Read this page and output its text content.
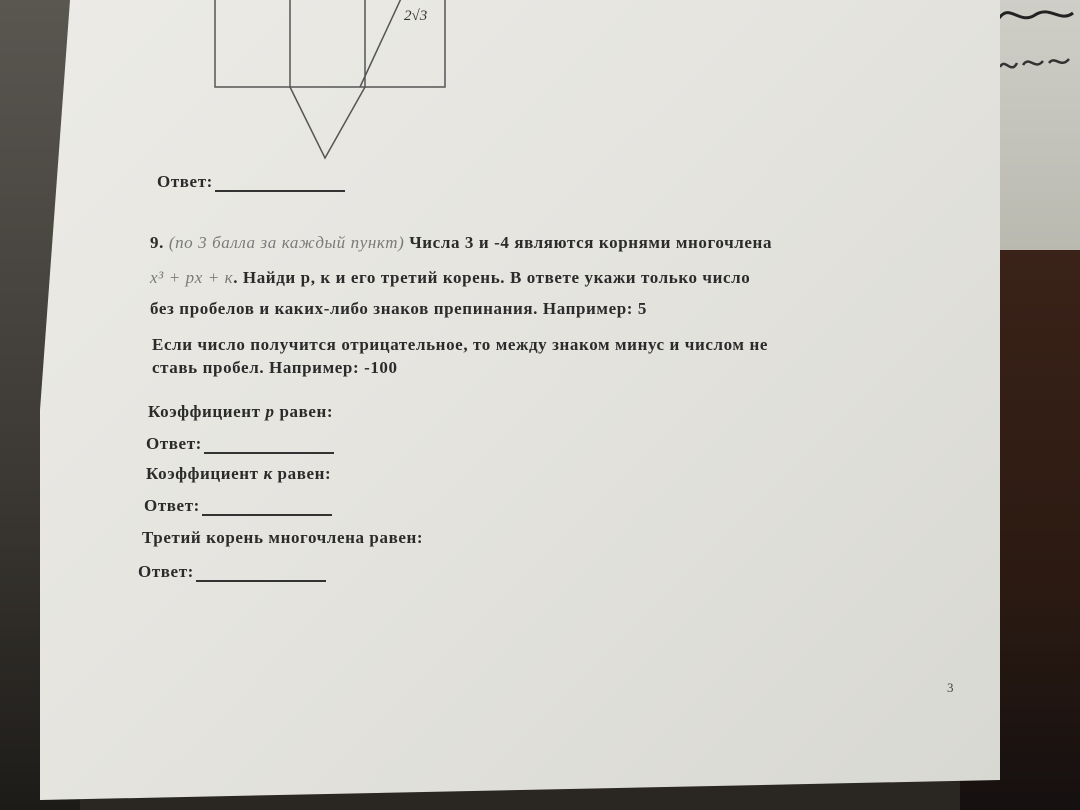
2√3
Ответ:
9. (по 3 балла за каждый пункт) Числа 3 и -4 являются корнями многочлена
x³ + px + к. Найди p, к и его третий корень. В ответе укажи только число
без пробелов и каких-либо знаков препинания. Например: 5
Если число получится отрицательное, то между знаком минус и числом не
ставь пробел. Например: -100
Коэффициент p равен:
Ответ:
Коэффициент к равен:
Ответ:
Третий корень многочлена равен:
Ответ:
3
